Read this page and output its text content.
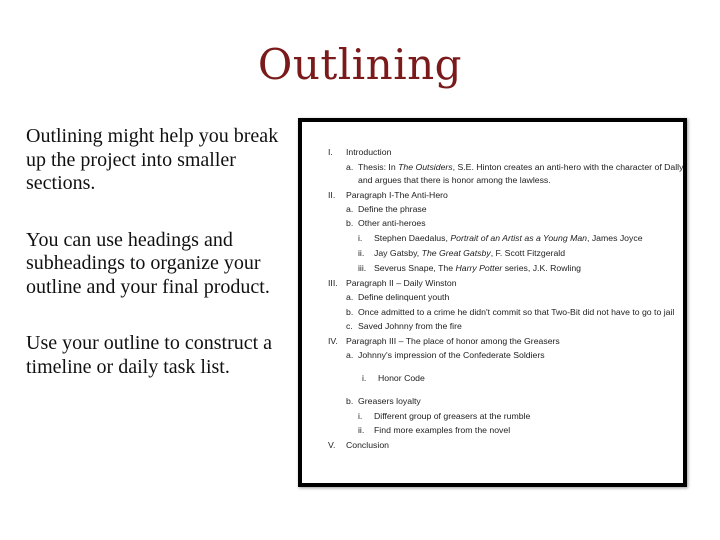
Outlining

Outlining might help you break up the project into smaller sections.

You can use headings and subheadings to organize your outline and your final product.

Use your outline to construct a timeline or daily task list.

I. Introduction
a. Thesis: In The Outsiders, S.E. Hinton creates an anti-hero with the character of Dally
and argues that there is honor among the lawless.
II. Paragraph I-The Anti-Hero
a. Define the phrase
b. Other anti-heroes
i. Stephen Daedalus, Portrait of an Artist as a Young Man, James Joyce
ii. Jay Gatsby, The Great Gatsby, F. Scott Fitzgerald
iii. Severus Snape, The Harry Potter series, J.K. Rowling
III. Paragraph II – Daily Winston
a. Define delinquent youth
b. Once admitted to a crime he didn't commit so that Two-Bit did not have to go to jail
c. Saved Johnny from the fire
IV. Paragraph III – The place of honor among the Greasers
a. Johnny's impression of the Confederate Soldiers
i. Honor Code
b. Greasers loyalty
i. Different group of greasers at the rumble
ii. Find more examples from the novel
V. Conclusion
